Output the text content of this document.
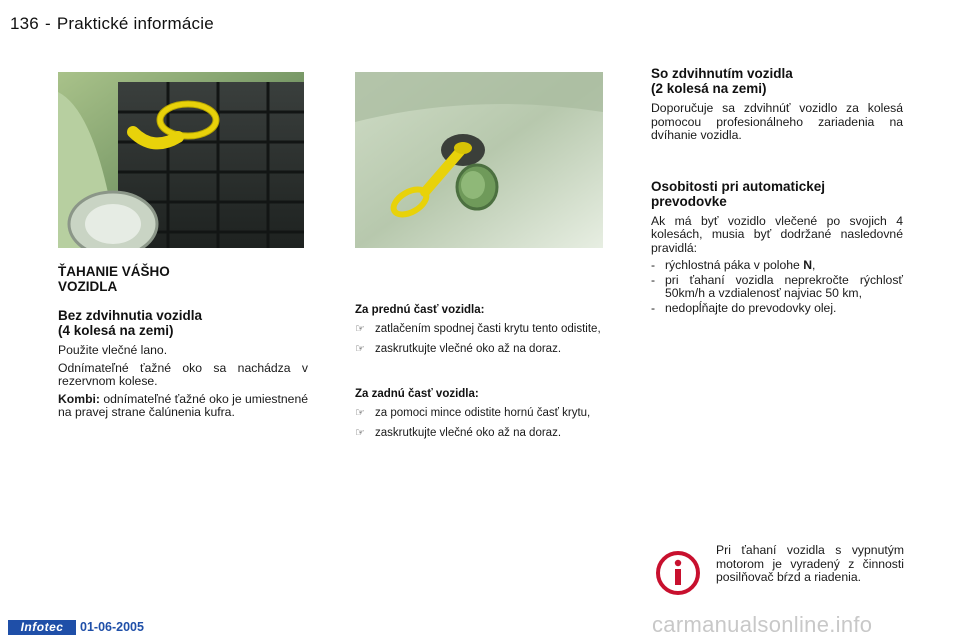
136 - Praktické informácie
ŤAHANIE VÁŠHO
VOZIDLA
Bez zdvihnutia vozidla
(4 kolesá na zemi)

Použite vlečné lano.

Odnímateľné ťažné oko sa nachádza v rezervnom kolese.

Kombi: odnímateľné ťažné oko je umiestnené na pravej strane čalúnenia kufra.

Za prednú časť vozidla:
☞ zatlačením spodnej časti krytu tento odistite,
☞ zaskrutkujte vlečné oko až na doraz.
Za zadnú časť vozidla:
☞ za pomoci mince odistite hornú časť krytu,
☞ zaskrutkujte vlečné oko až na doraz.
So zdvihnutím vozidla
(2 kolesá na zemi)

Doporučuje sa zdvihnúť vozidlo za kolesá pomocou profesionálneho zariadenia na dvíhanie vozidla.

Osobitosti pri automatickej
prevodovke

Ak má byť vozidlo vlečené po svojich 4 kolesách, musia byť dodržané nasledovné pravidlá:

- rýchlostná páka v polohe N,
- pri ťahaní vozidla neprekročte rýchlosť 50km/h a vzdialenosť najviac 50 km,
- nedopĺňajte do prevodovky olej.

Pri ťahaní vozidla s vypnutým motorom je vyradený z činnosti posilňovač bŕzd a riadenia.

Infotec	01-06-2005	carmanualsonline.info
